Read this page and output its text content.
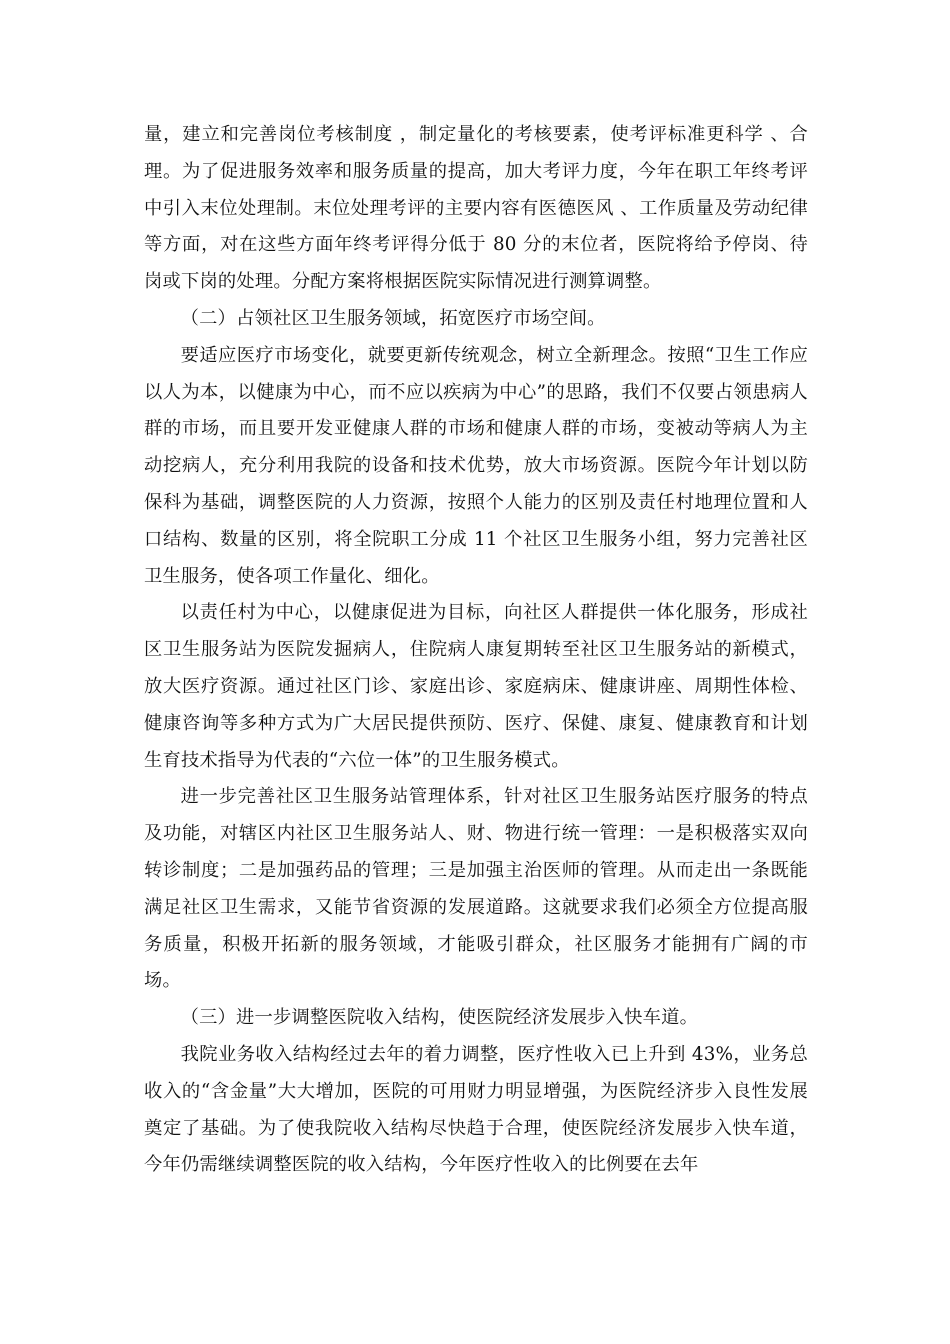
量，建立和完善岗位考核制度 ，制定量化的考核要素，使考评标准更科学 、合理。为了促进服务效率和服务质量的提高，加大考评力度，今年在职工年终考评中引入末位处理制。末位处理考评的主要内容有医德医风 、工作质量及劳动纪律等方面，对在这些方面年终考评得分低于 80 分的末位者，医院将给予停岗、待岗或下岗的处理。分配方案将根据医院实际情况进行测算调整。

（二）占领社区卫生服务领域，拓宽医疗市场空间。

要适应医疗市场变化，就要更新传统观念，树立全新理念。按照“卫生工作应以人为本，以健康为中心，而不应以疾病为中心”的思路，我们不仅要占领患病人群的市场，而且要开发亚健康人群的市场和健康人群的市场，变被动等病人为主动挖病人，充分利用我院的设备和技术优势，放大市场资源。医院今年计划以防保科为基础，调整医院的人力资源，按照个人能力的区别及责任村地理位置和人口结构、数量的区别，将全院职工分成 11 个社区卫生服务小组，努力完善社区卫生服务，使各项工作量化、细化。

以责任村为中心，以健康促进为目标，向社区人群提供一体化服务，形成社区卫生服务站为医院发掘病人，住院病人康复期转至社区卫生服务站的新模式，放大医疗资源。通过社区门诊、家庭出诊、家庭病床、健康讲座、周期性体检、健康咨询等多种方式为广大居民提供预防、医疗、保健、康复、健康教育和计划生育技术指导为代表的“六位一体”的卫生服务模式。

进一步完善社区卫生服务站管理体系，针对社区卫生服务站医疗服务的特点及功能，对辖区内社区卫生服务站人、财、物进行统一管理：一是积极落实双向转诊制度；二是加强药品的管理；三是加强主治医师的管理。从而走出一条既能满足社区卫生需求，又能节省资源的发展道路。这就要求我们必须全方位提高服务质量，积极开拓新的服务领域，才能吸引群众，社区服务才能拥有广阔的市场。

（三）进一步调整医院收入结构，使医院经济发展步入快车道。

我院业务收入结构经过去年的着力调整，医疗性收入已上升到 43%，业务总收入的“含金量”大大增加，医院的可用财力明显增强，为医院经济步入良性发展奠定了基础。为了使我院收入结构尽快趋于合理，使医院经济发展步入快车道，今年仍需继续调整医院的收入结构，今年医疗性收入的比例要在去年
